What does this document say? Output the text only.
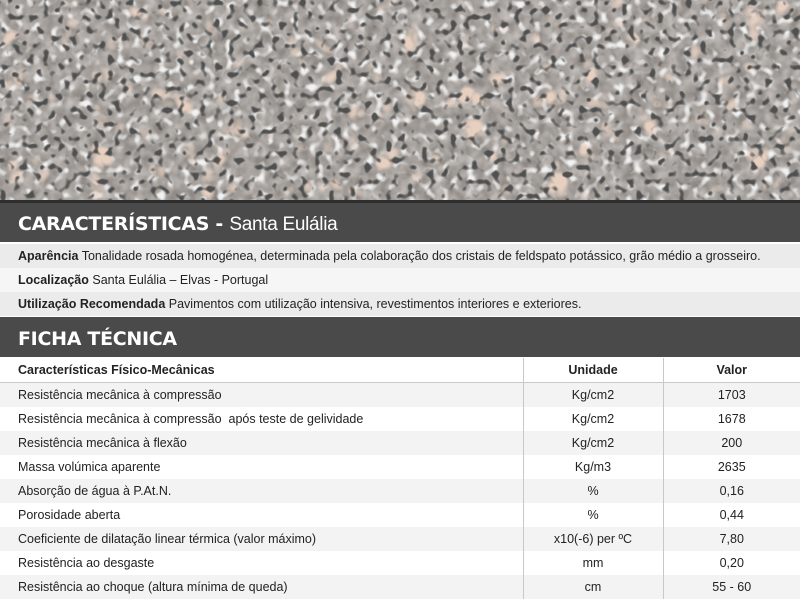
CARACTERÍSTICAS - Santa Eulália
Aparência Tonalidade rosada homogénea, determinada pela colaboração dos cristais de feldspato potássico, grão médio a grosseiro.
Localização Santa Eulália – Elvas - Portugal
Utilização Recomendada Pavimentos com utilização intensiva, revestimentos interiores e exteriores.
FICHA TÉCNICA
Características Físico-Mecânicas	Unidade	Valor
Resistência mecânica à compressão	Kg/cm2	1703
Resistência mecânica à compressão  após teste de gelividade	Kg/cm2	1678
Resistência mecânica à flexão	Kg/cm2	200
Massa volúmica aparente	Kg/m3	2635
Absorção de água à P.At.N.	%	0,16
Porosidade aberta	%	0,44
Coeficiente de dilatação linear térmica (valor máximo)	x10(-6) per ºC	7,80
Resistência ao desgaste	mm	0,20
Resistência ao choque (altura mínima de queda)	cm	55 - 60
